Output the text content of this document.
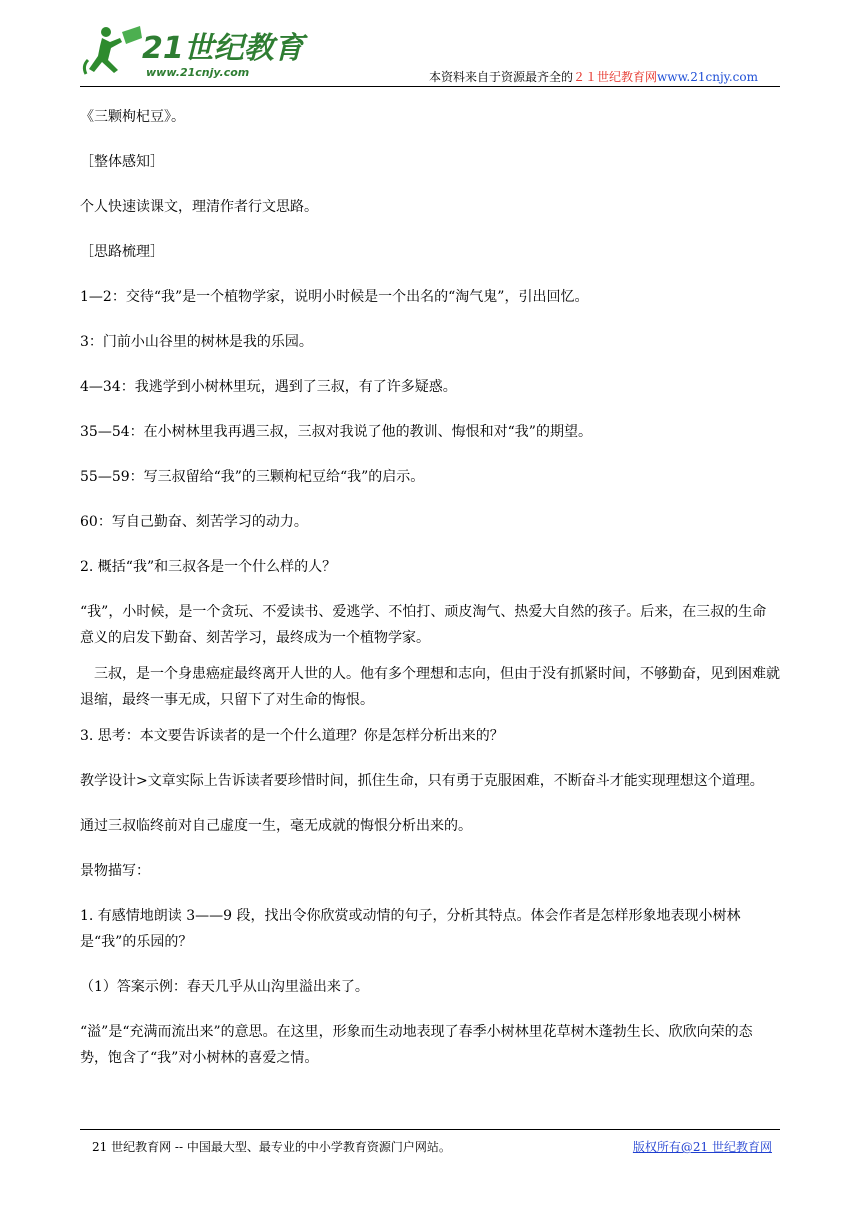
21世纪教育
www.21cnjy.com	本资料来自于资源最齐全的２１世纪教育网www.21cnjy.com

《三颗枸杞豆》。

［整体感知］

个人快速读课文，理清作者行文思路。

［思路梳理］

1—2：交待“我”是一个植物学家，说明小时候是一个出名的“淘气鬼”，引出回忆。

3：门前小山谷里的树林是我的乐园。

4—34：我逃学到小树林里玩，遇到了三叔，有了许多疑惑。

35—54：在小树林里我再遇三叔，三叔对我说了他的教训、悔恨和对“我”的期望。

55—59：写三叔留给“我”的三颗枸杞豆给“我”的启示。

60：写自己勤奋、刻苦学习的动力。

2. 概括“我”和三叔各是一个什么样的人？

“我”，小时候，是一个贪玩、不爱读书、爱逃学、不怕打、顽皮淘气、热爱大自然的孩子。后来，在三叔的生命意义的启发下勤奋、刻苦学习，最终成为一个植物学家。

三叔，是一个身患癌症最终离开人世的人。他有多个理想和志向，但由于没有抓紧时间，不够勤奋，见到困难就退缩，最终一事无成，只留下了对生命的悔恨。

3. 思考：本文要告诉读者的是一个什么道理？你是怎样分析出来的？

教学设计>文章实际上告诉读者要珍惜时间，抓住生命，只有勇于克服困难，不断奋斗才能实现理想这个道理。

通过三叔临终前对自己虚度一生，毫无成就的悔恨分析出来的。

景物描写：

1. 有感情地朗读 3——9 段，找出令你欣赏或动情的句子，分析其特点。体会作者是怎样形象地表现小树林是“我”的乐园的？

（1）答案示例：春天几乎从山沟里溢出来了。

“溢”是“充满而流出来”的意思。在这里，形象而生动地表现了春季小树林里花草树木蓬勃生长、欣欣向荣的态势，饱含了“我”对小树林的喜爱之情。

21 世纪教育网 -- 中国最大型、最专业的中小学教育资源门户网站。	版权所有@21 世纪教育网
